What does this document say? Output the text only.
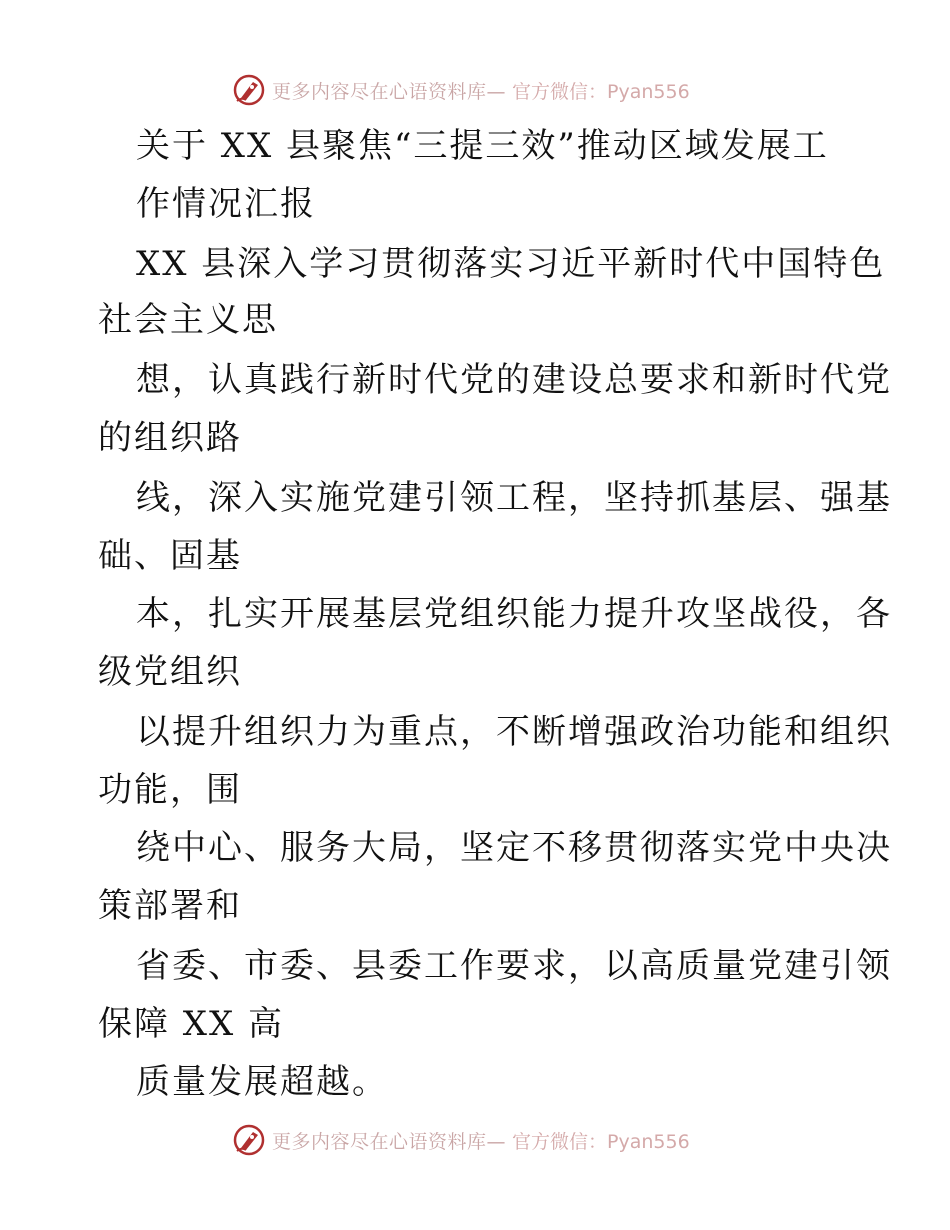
更多内容尽在心语资料库— 官方微信：Pyan556
关于 XX 县聚焦“三提三效”推动区域发展工
作情况汇报
XX 县深入学习贯彻落实习近平新时代中国特色
社会主义思
想，认真践行新时代党的建设总要求和新时代党
的组织路
线，深入实施党建引领工程，坚持抓基层、强基
础、固基
本，扎实开展基层党组织能力提升攻坚战役，各
级党组织
以提升组织力为重点，不断增强政治功能和组织
功能，围
绕中心、服务大局，坚定不移贯彻落实党中央决
策部署和
省委、市委、县委工作要求，以高质量党建引领
保障 XX 高
质量发展超越。
更多内容尽在心语资料库— 官方微信：Pyan556
